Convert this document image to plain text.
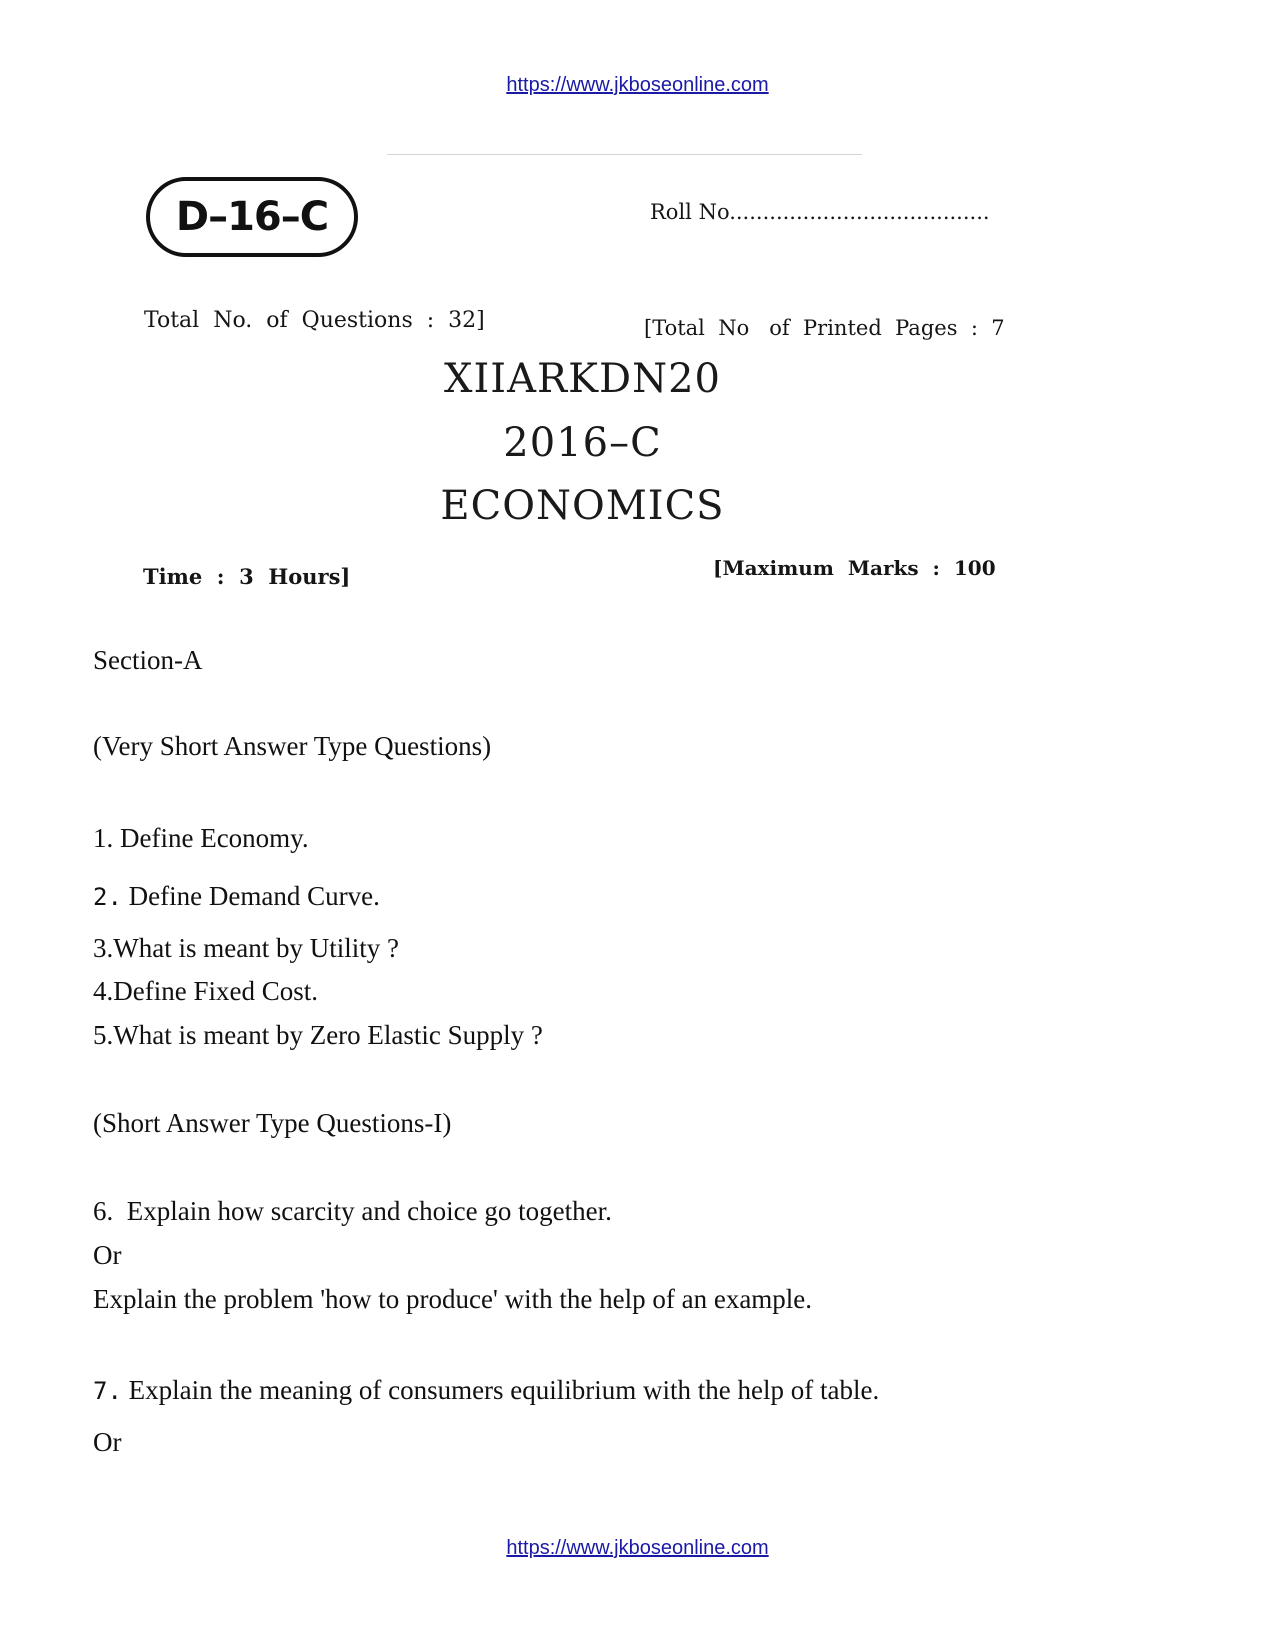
https://www.jkboseonline.com
D–16–C	Roll No.......................................
Total  No.  of  Questions  :  32]	[Total  No   of  Printed  Pages  :  7
XIIARKDN20
2016–C
ECONOMICS
Time  :  3  Hours]	[Maximum  Marks  :  100
Section-A
(Very Short Answer Type Questions)
1. Define Economy.
2. Define Demand Curve.
3.What is meant by Utility ?
4.Define Fixed Cost.
5.What is meant by Zero Elastic Supply ?
(Short Answer Type Questions-I)
6.  Explain how scarcity and choice go together.
Or
Explain the problem 'how to produce' with the help of an example.
7. Explain the meaning of consumers equilibrium with the help of table.
Or
https://www.jkboseonline.com
